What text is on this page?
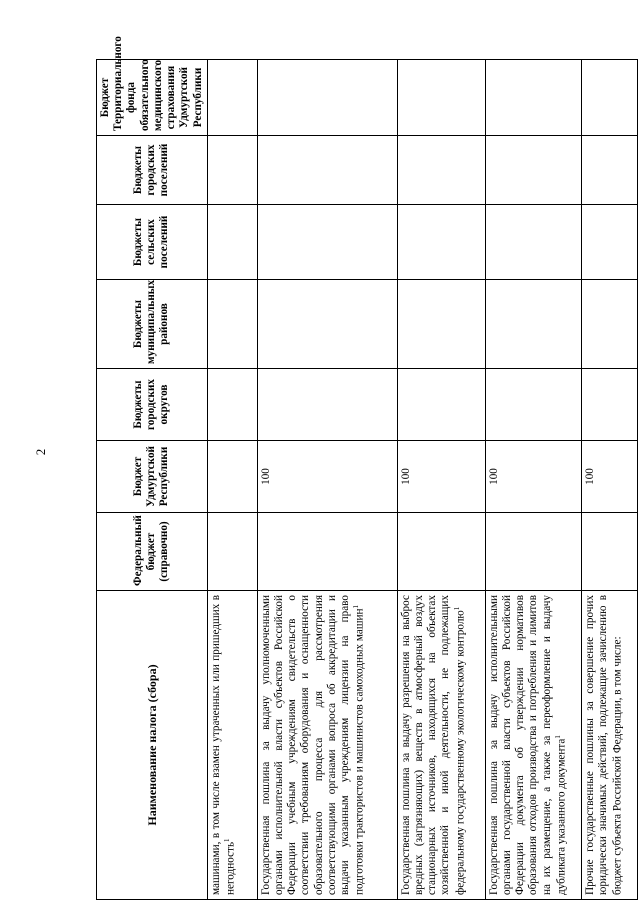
2
Наименование налога (сбора)	Федеральный бюджет (справочно)	Бюджет Удмуртской Республики	Бюджеты городских округов	Бюджеты муниципальных районов	Бюджеты сельских поселений	Бюджеты городских поселений	Бюджет Территориального фонда обязательного медицинского страхования Удмуртской Республики
машинами, в том числе взамен утраченных или пришедших в негодность$^1$							
Государственная пошлина за выдачу уполномоченными органами исполнительной власти субъектов Российской Федерации учебным учреждениям свидетельств о соответствии требованиям оборудования и оснащенности образовательного процесса для рассмотрения соответствующими органами вопроса об аккредитации и выдачи указанным учреждениям лицензии на право подготовки трактористов и машинистов самоходных машин$^1$		100					
Государственная пошлина за выдачу разрешения на выброс вредных (загрязняющих) веществ в атмосферный воздух стационарных источников, находящихся на объектах хозяйственной и иной деятельности, не подлежащих федеральному государственному экологическому контролю$^1$		100					
Государственная пошлина за выдачу исполнительными органами государственной власти субъектов Российской Федерации документа об утверждении нормативов образования отходов производства и потребления и лимитов на их размещение, а также за переоформление и выдачу дубликата указанного документа$^1$		100					
Прочие государственные пошлины за совершение прочих юридически значимых действий, подлежащие зачислению в бюджет субъекта Российской Федерации, в том числе:		100					
